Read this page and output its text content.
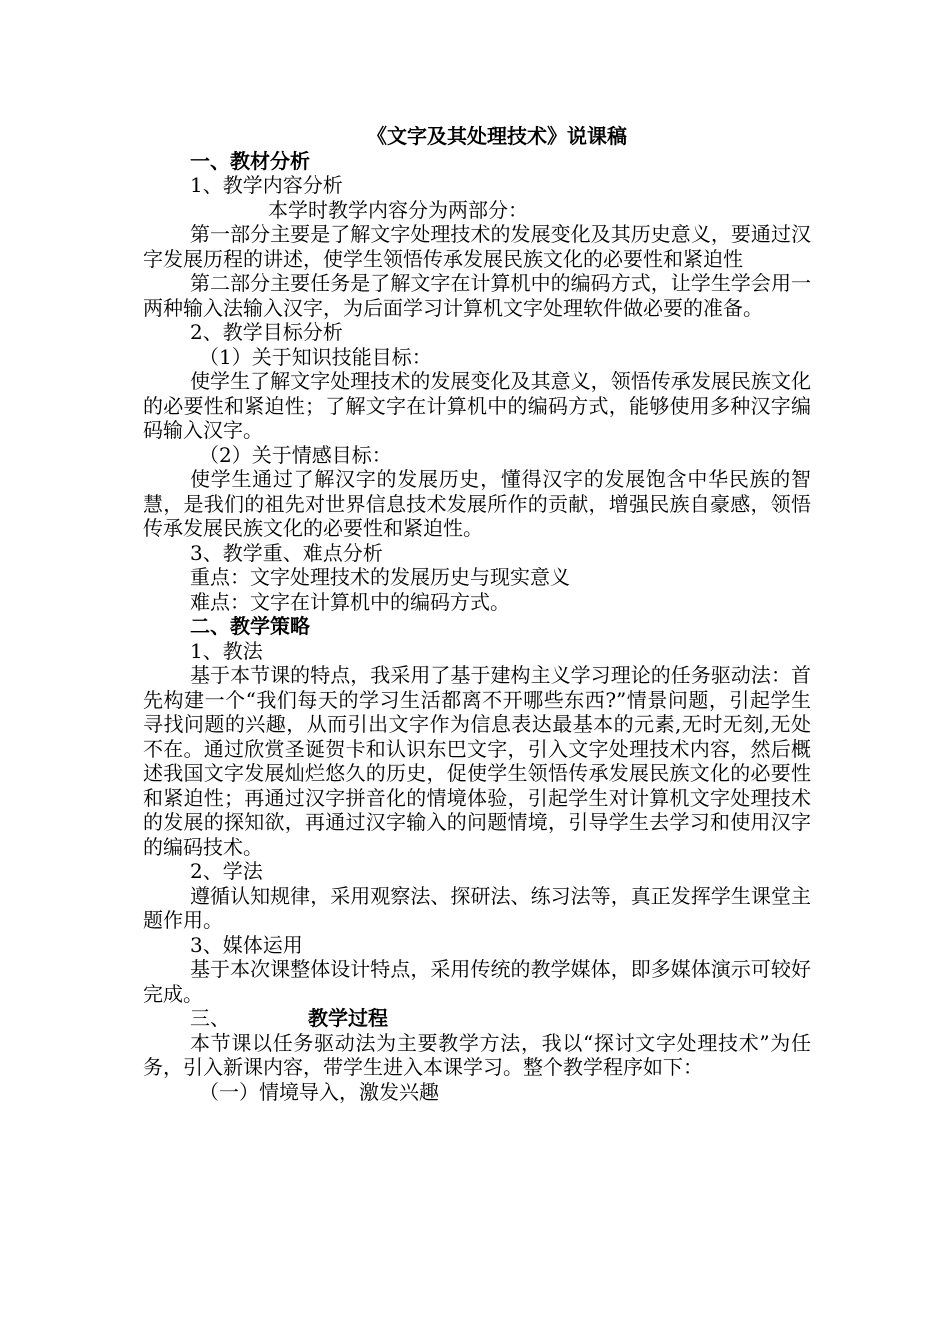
《文字及其处理技术》说课稿
一、教材分析
1、教学内容分析
本学时教学内容分为两部分：
第一部分主要是了解文字处理技术的发展变化及其历史意义，要通过汉字发展历程的讲述，使学生领悟传承发展民族文化的必要性和紧迫性
第二部分主要任务是了解文字在计算机中的编码方式，让学生学会用一两种输入法输入汉字，为后面学习计算机文字处理软件做必要的准备。
2、教学目标分析
（1）关于知识技能目标：
使学生了解文字处理技术的发展变化及其意义，领悟传承发展民族文化的必要性和紧迫性；了解文字在计算机中的编码方式，能够使用多种汉字编码输入汉字。
（2）关于情感目标：
使学生通过了解汉字的发展历史，懂得汉字的发展饱含中华民族的智慧，是我们的祖先对世界信息技术发展所作的贡献，增强民族自豪感，领悟传承发展民族文化的必要性和紧迫性。
3、教学重、难点分析
重点：文字处理技术的发展历史与现实意义
难点：文字在计算机中的编码方式。
二、教学策略
1、教法
基于本节课的特点，我采用了基于建构主义学习理论的任务驱动法：首先构建一个“我们每天的学习生活都离不开哪些东西?”情景问题，引起学生寻找问题的兴趣，从而引出文字作为信息表达最基本的元素,无时无刻,无处不在。通过欣赏圣诞贺卡和认识东巴文字，引入文字处理技术内容，然后概述我国文字发展灿烂悠久的历史，促使学生领悟传承发展民族文化的必要性和紧迫性；再通过汉字拼音化的情境体验，引起学生对计算机文字处理技术的发展的探知欲，再通过汉字输入的问题情境，引导学生去学习和使用汉字的编码技术。
2、学法
遵循认知规律，采用观察法、探研法、练习法等，真正发挥学生课堂主题作用。
3、媒体运用
基于本次课整体设计特点，采用传统的教学媒体，即多媒体演示可较好完成。
三、	教学过程
本节课以任务驱动法为主要教学方法，我以“探讨文字处理技术”为任务，引入新课内容，带学生进入本课学习。整个教学程序如下：
（一）情境导入，激发兴趣
